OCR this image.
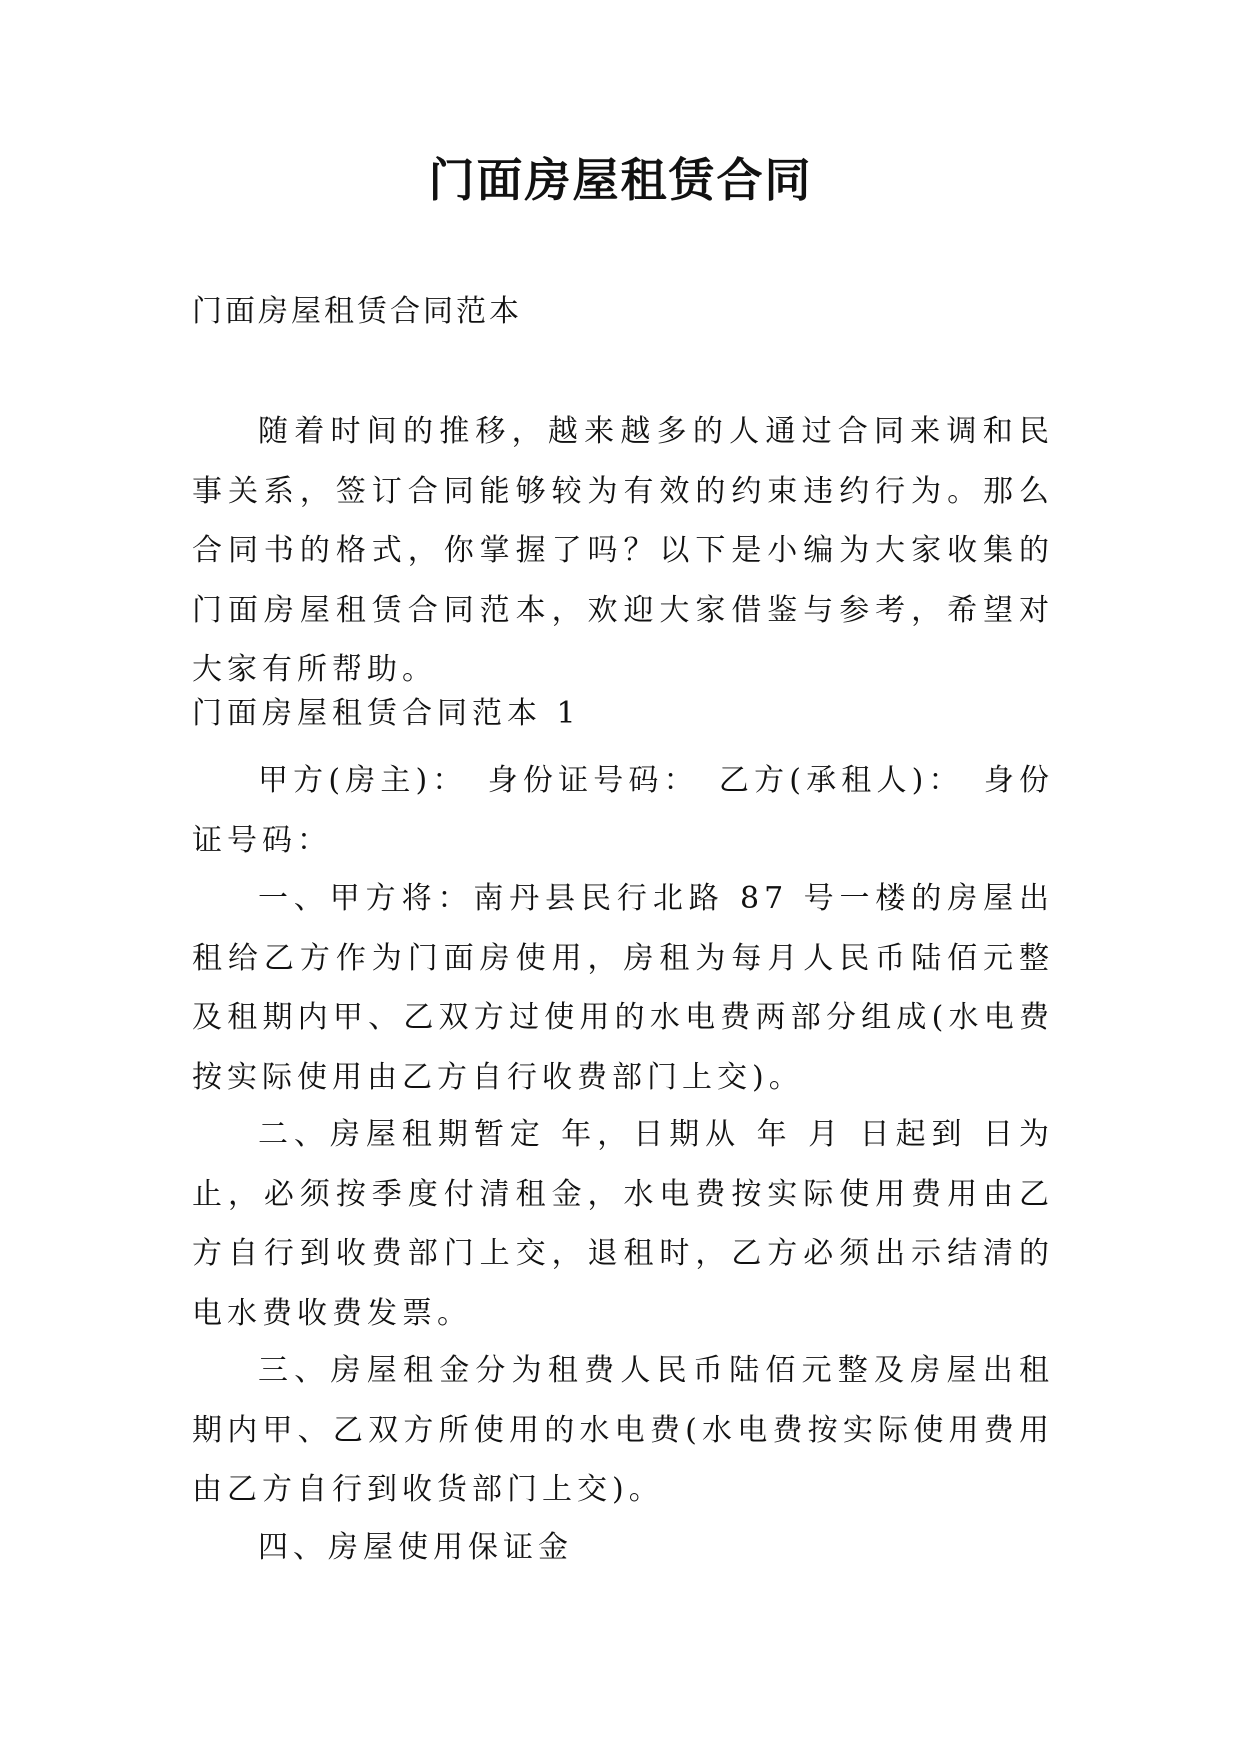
门面房屋租赁合同
门面房屋租赁合同范本

随着时间的推移，越来越多的人通过合同来调和民事关系，签订合同能够较为有效的约束违约行为。那么合同书的格式，你掌握了吗？以下是小编为大家收集的门面房屋租赁合同范本，欢迎大家借鉴与参考，希望对大家有所帮助。

门面房屋租赁合同范本 1

甲方(房主)：　身份证号码：　乙方(承租人)：　身份证号码：

一、甲方将：南丹县民行北路 87 号一楼的房屋出租给乙方作为门面房使用，房租为每月人民币陆佰元整及租期内甲、乙双方过使用的水电费两部分组成(水电费按实际使用由乙方自行收费部门上交)。

二、房屋租期暂定 年，日期从 年 月 日起到 日为止，必须按季度付清租金，水电费按实际使用费用由乙方自行到收费部门上交，退租时，乙方必须出示结清的电水费收费发票。

三、房屋租金分为租费人民币陆佰元整及房屋出租期内甲、乙双方所使用的水电费(水电费按实际使用费用由乙方自行到收货部门上交)。

四、房屋使用保证金
